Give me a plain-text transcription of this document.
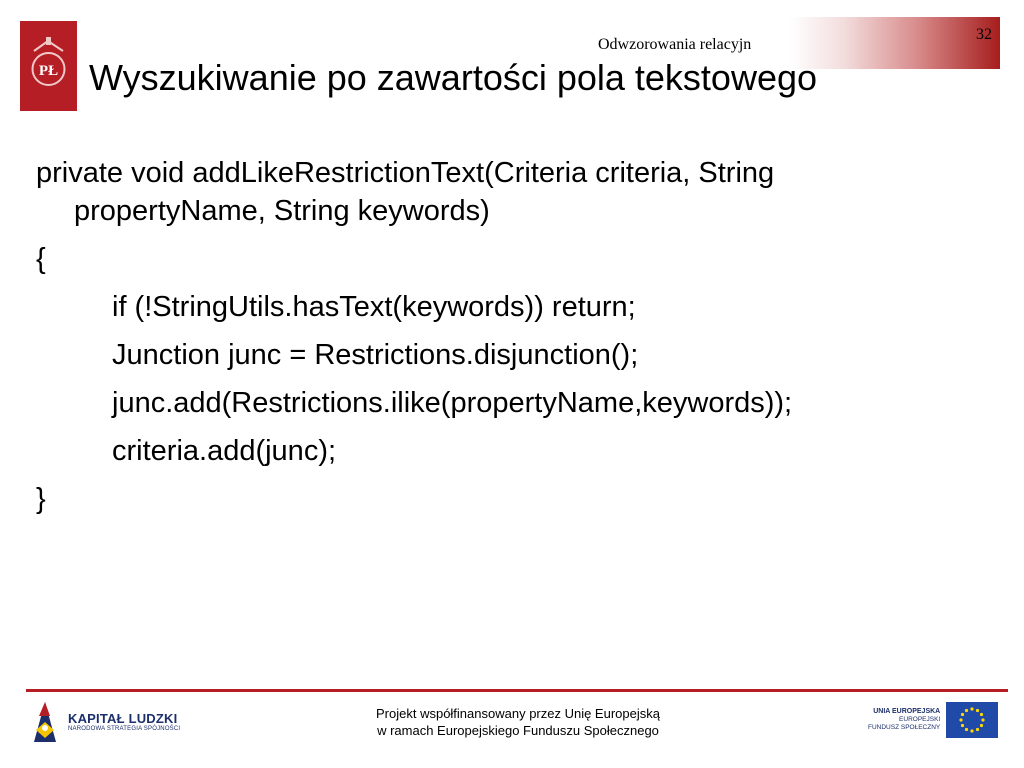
32
Odwzorowania relacyjn
PŁ Wyszukiwanie po zawartości pola tekstowego
private void addLikeRestrictionText(Criteria criteria, String
propertyName, String keywords)
{
if (!StringUtils.hasText(keywords)) return;
Junction junc = Restrictions.disjunction();
junc.add(Restrictions.ilike(propertyName,keywords));
criteria.add(junc);
}
KAPITAŁ LUDZKI
NARODOWA STRATEGIA SPÓJNOŚCI
Projekt współfinansowany przez Unię Europejską
w ramach Europejskiego Funduszu Społecznego
UNIA EUROPEJSKA
EUROPEJSKI
FUNDUSZ SPOŁECZNY
